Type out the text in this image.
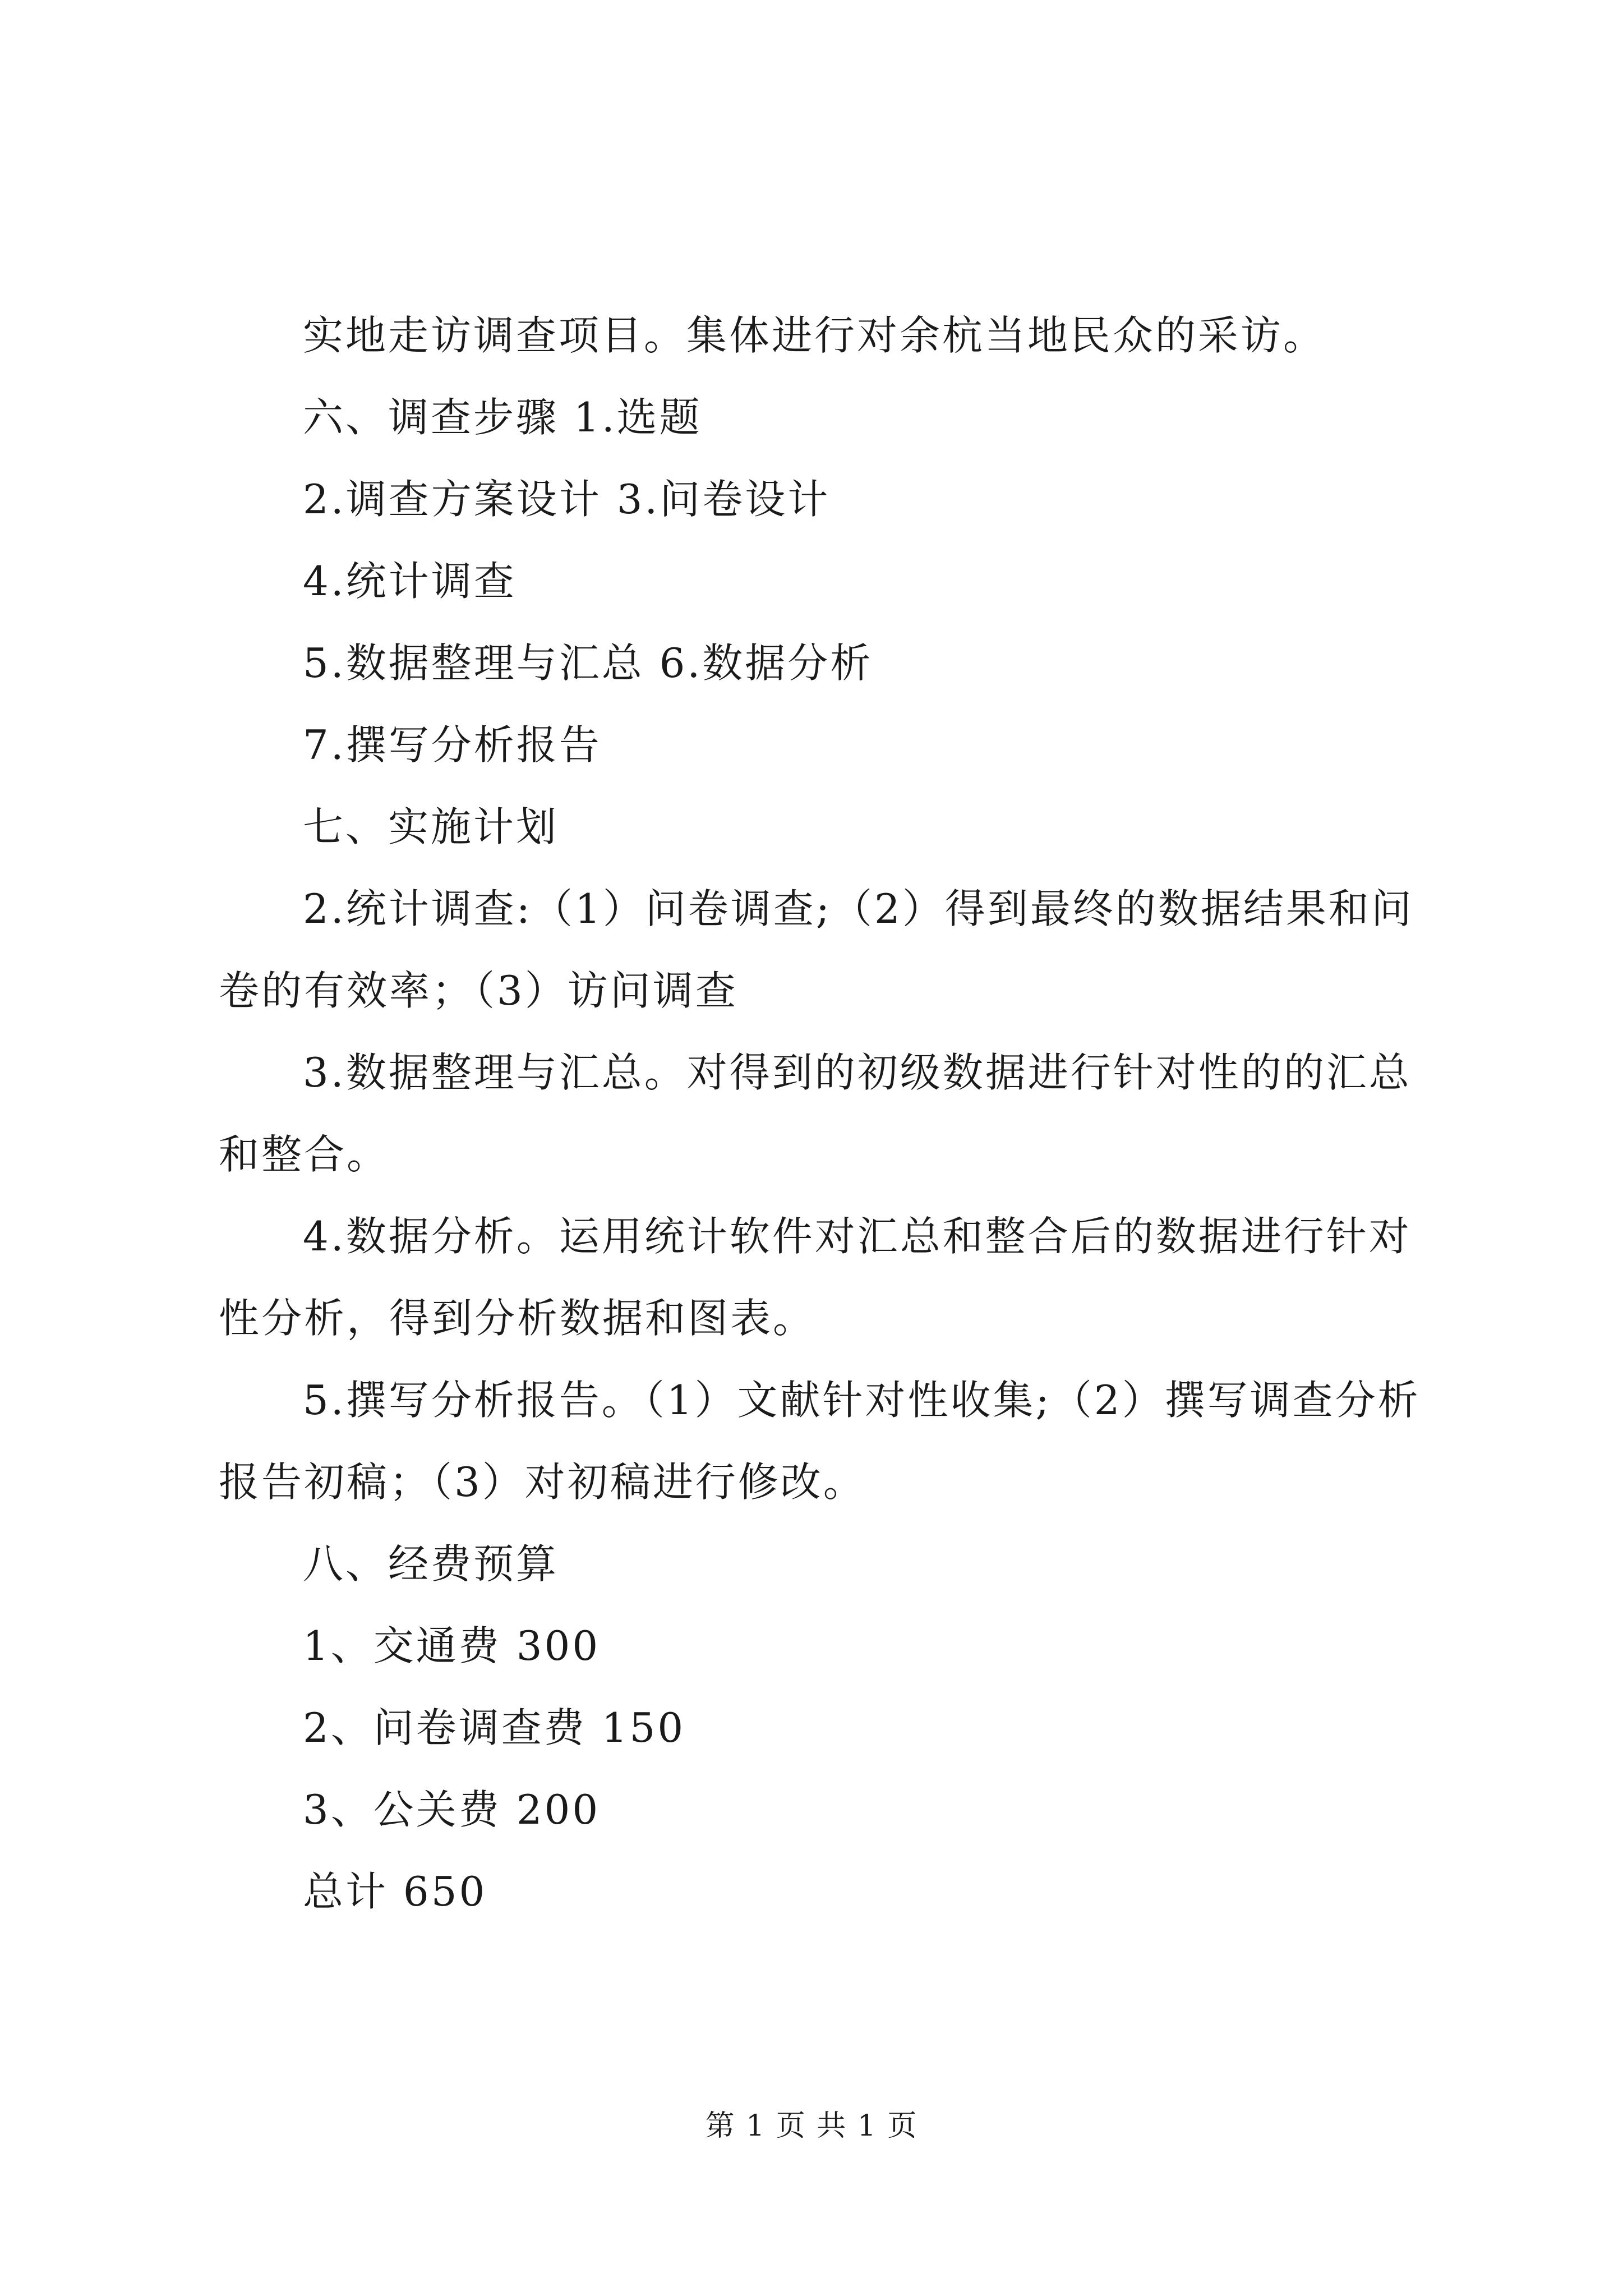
实地走访调查项目。集体进行对余杭当地民众的采访。
六、调查步骤 1.选题
2.调查方案设计 3.问卷设计
4.统计调查
5.数据整理与汇总 6.数据分析
7.撰写分析报告
七、实施计划
2.统计调查:（1）问卷调查;（2）得到最终的数据结果和问
卷的有效率；（3）访问调查
3.数据整理与汇总。对得到的初级数据进行针对性的的汇总
和整合。
4.数据分析。运用统计软件对汇总和整合后的数据进行针对
性分析，得到分析数据和图表。
5.撰写分析报告。（1）文献针对性收集;（2）撰写调查分析
报告初稿；（3）对初稿进行修改。
八、经费预算
1、交通费 300
2、问卷调查费 150
3、公关费 200
总计 650
第 1 页 共 1 页
